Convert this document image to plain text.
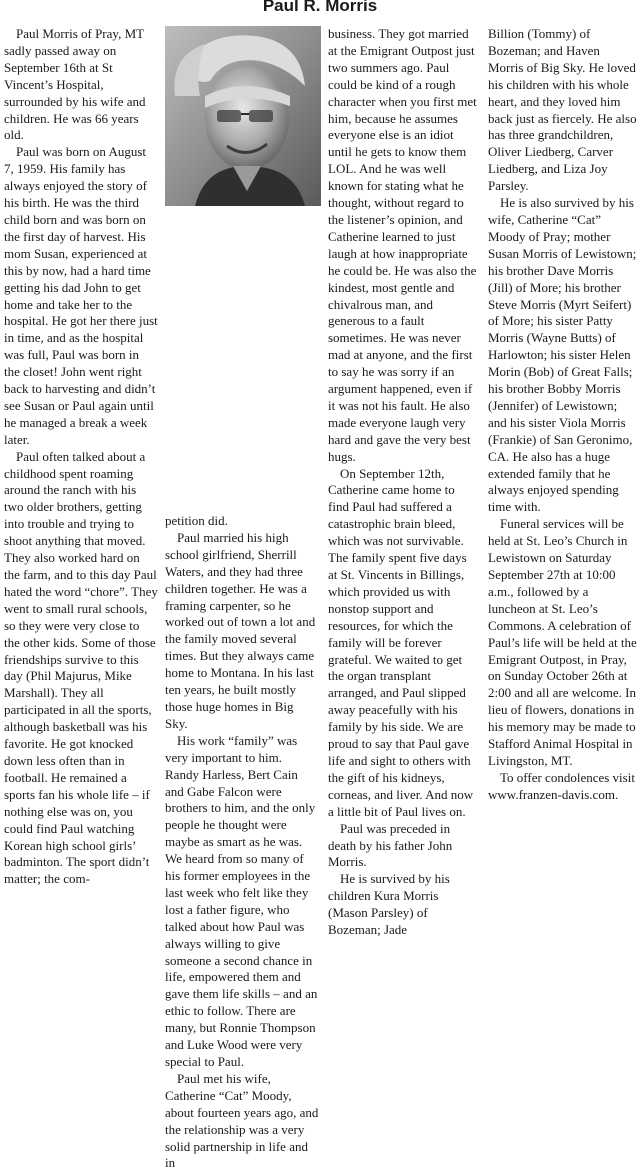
Paul R. Morris

Paul Morris of Pray, MT sadly passed away on September 16th at St Vincent’s Hospital, surrounded by his wife and children. He was 66 years old.

Paul was born on August 7, 1959. His family has always enjoyed the story of his birth. He was the third child born and was born on the first day of harvest. His mom Susan, experienced at this by now, had a hard time getting his dad John to get home and take her to the hospital. He got her there just in time, and as the hospital was full, Paul was born in the closet! John went right back to harvesting and didn’t see Susan or Paul again until he managed a break a week later.

Paul often talked about a childhood spent roaming around the ranch with his two older brothers, getting into trouble and trying to shoot anything that moved. They also worked hard on the farm, and to this day Paul hated the word “chore”. They went to small rural schools, so they were very close to the other kids. Some of those friendships survive to this day (Phil Majurus, Mike Marshall). They all participated in all the sports, although basketball was his favorite. He got knocked down less often than in football. He remained a sports fan his whole life – if nothing else was on, you could find Paul watching Korean high school girls’ badminton. The sport didn’t matter; the com-

petition did.

Paul married his high school girlfriend, Sherrill Waters, and they had three children together. He was a framing carpenter, so he worked out of town a lot and the family moved several times. But they always came home to Montana. In his last ten years, he built mostly those huge homes in Big Sky.

His work “family” was very important to him. Randy Harless, Bert Cain and Gabe Falcon were brothers to him, and the only people he thought were maybe as smart as he was. We heard from so many of his former employees in the last week who felt like they lost a father figure, who talked about how Paul was always willing to give someone a second chance in life, empowered them and gave them life skills – and an ethic to follow. There are many, but Ronnie Thompson and Luke Wood were very special to Paul.

Paul met his wife, Catherine “Cat” Moody, about fourteen years ago, and the relationship was a very solid partnership in life and in

business. They got married at the Emigrant Outpost just two summers ago. Paul could be kind of a rough character when you first met him, because he assumes everyone else is an idiot until he gets to know them LOL. And he was well known for stating what he thought, without regard to the listener’s opinion, and Catherine learned to just laugh at how inappropriate he could be. He was also the kindest, most gentle and chivalrous man, and generous to a fault sometimes. He was never mad at anyone, and the first to say he was sorry if an argument happened, even if it was not his fault. He also made everyone laugh very hard and gave the very best hugs.

On September 12th, Catherine came home to find Paul had suffered a catastrophic brain bleed, which was not survivable. The family spent five days at St. Vincents in Billings, which provided us with nonstop support and resources, for which the family will be forever grateful. We waited to get the organ transplant arranged, and Paul slipped away peacefully with his family by his side. We are proud to say that Paul gave life and sight to others with the gift of his kidneys, corneas, and liver. And now a little bit of Paul lives on.

Paul was preceded in death by his father John Morris.

He is survived by his children Kura Morris (Mason Parsley) of Bozeman; Jade

Billion (Tommy) of Bozeman; and Haven Morris of Big Sky. He loved his children with his whole heart, and they loved him back just as fiercely. He also has three grandchildren, Oliver Liedberg, Carver Liedberg, and Liza Joy Parsley.

He is also survived by his wife, Catherine “Cat” Moody of Pray; mother Susan Morris of Lewistown; his brother Dave Morris (Jill) of More; his brother Steve Morris (Myrt Seifert) of More; his sister Patty Morris (Wayne Butts) of Harlowton; his sister Helen Morin (Bob) of Great Falls; his brother Bobby Morris (Jennifer) of Lewistown; and his sister Viola Morris (Frankie) of San Geronimo, CA. He also has a huge extended family that he always enjoyed spending time with.

Funeral services will be held at St. Leo’s Church in Lewistown on Saturday September 27th at 10:00 a.m., followed by a luncheon at St. Leo’s Commons. A celebration of Paul’s life will be held at the Emigrant Outpost, in Pray, on Sunday October 26th at 2:00 and all are welcome. In lieu of flowers, donations in his memory may be made to Stafford Animal Hospital in Livingston, MT.

To offer condolences visit www.franzen-davis.com.
